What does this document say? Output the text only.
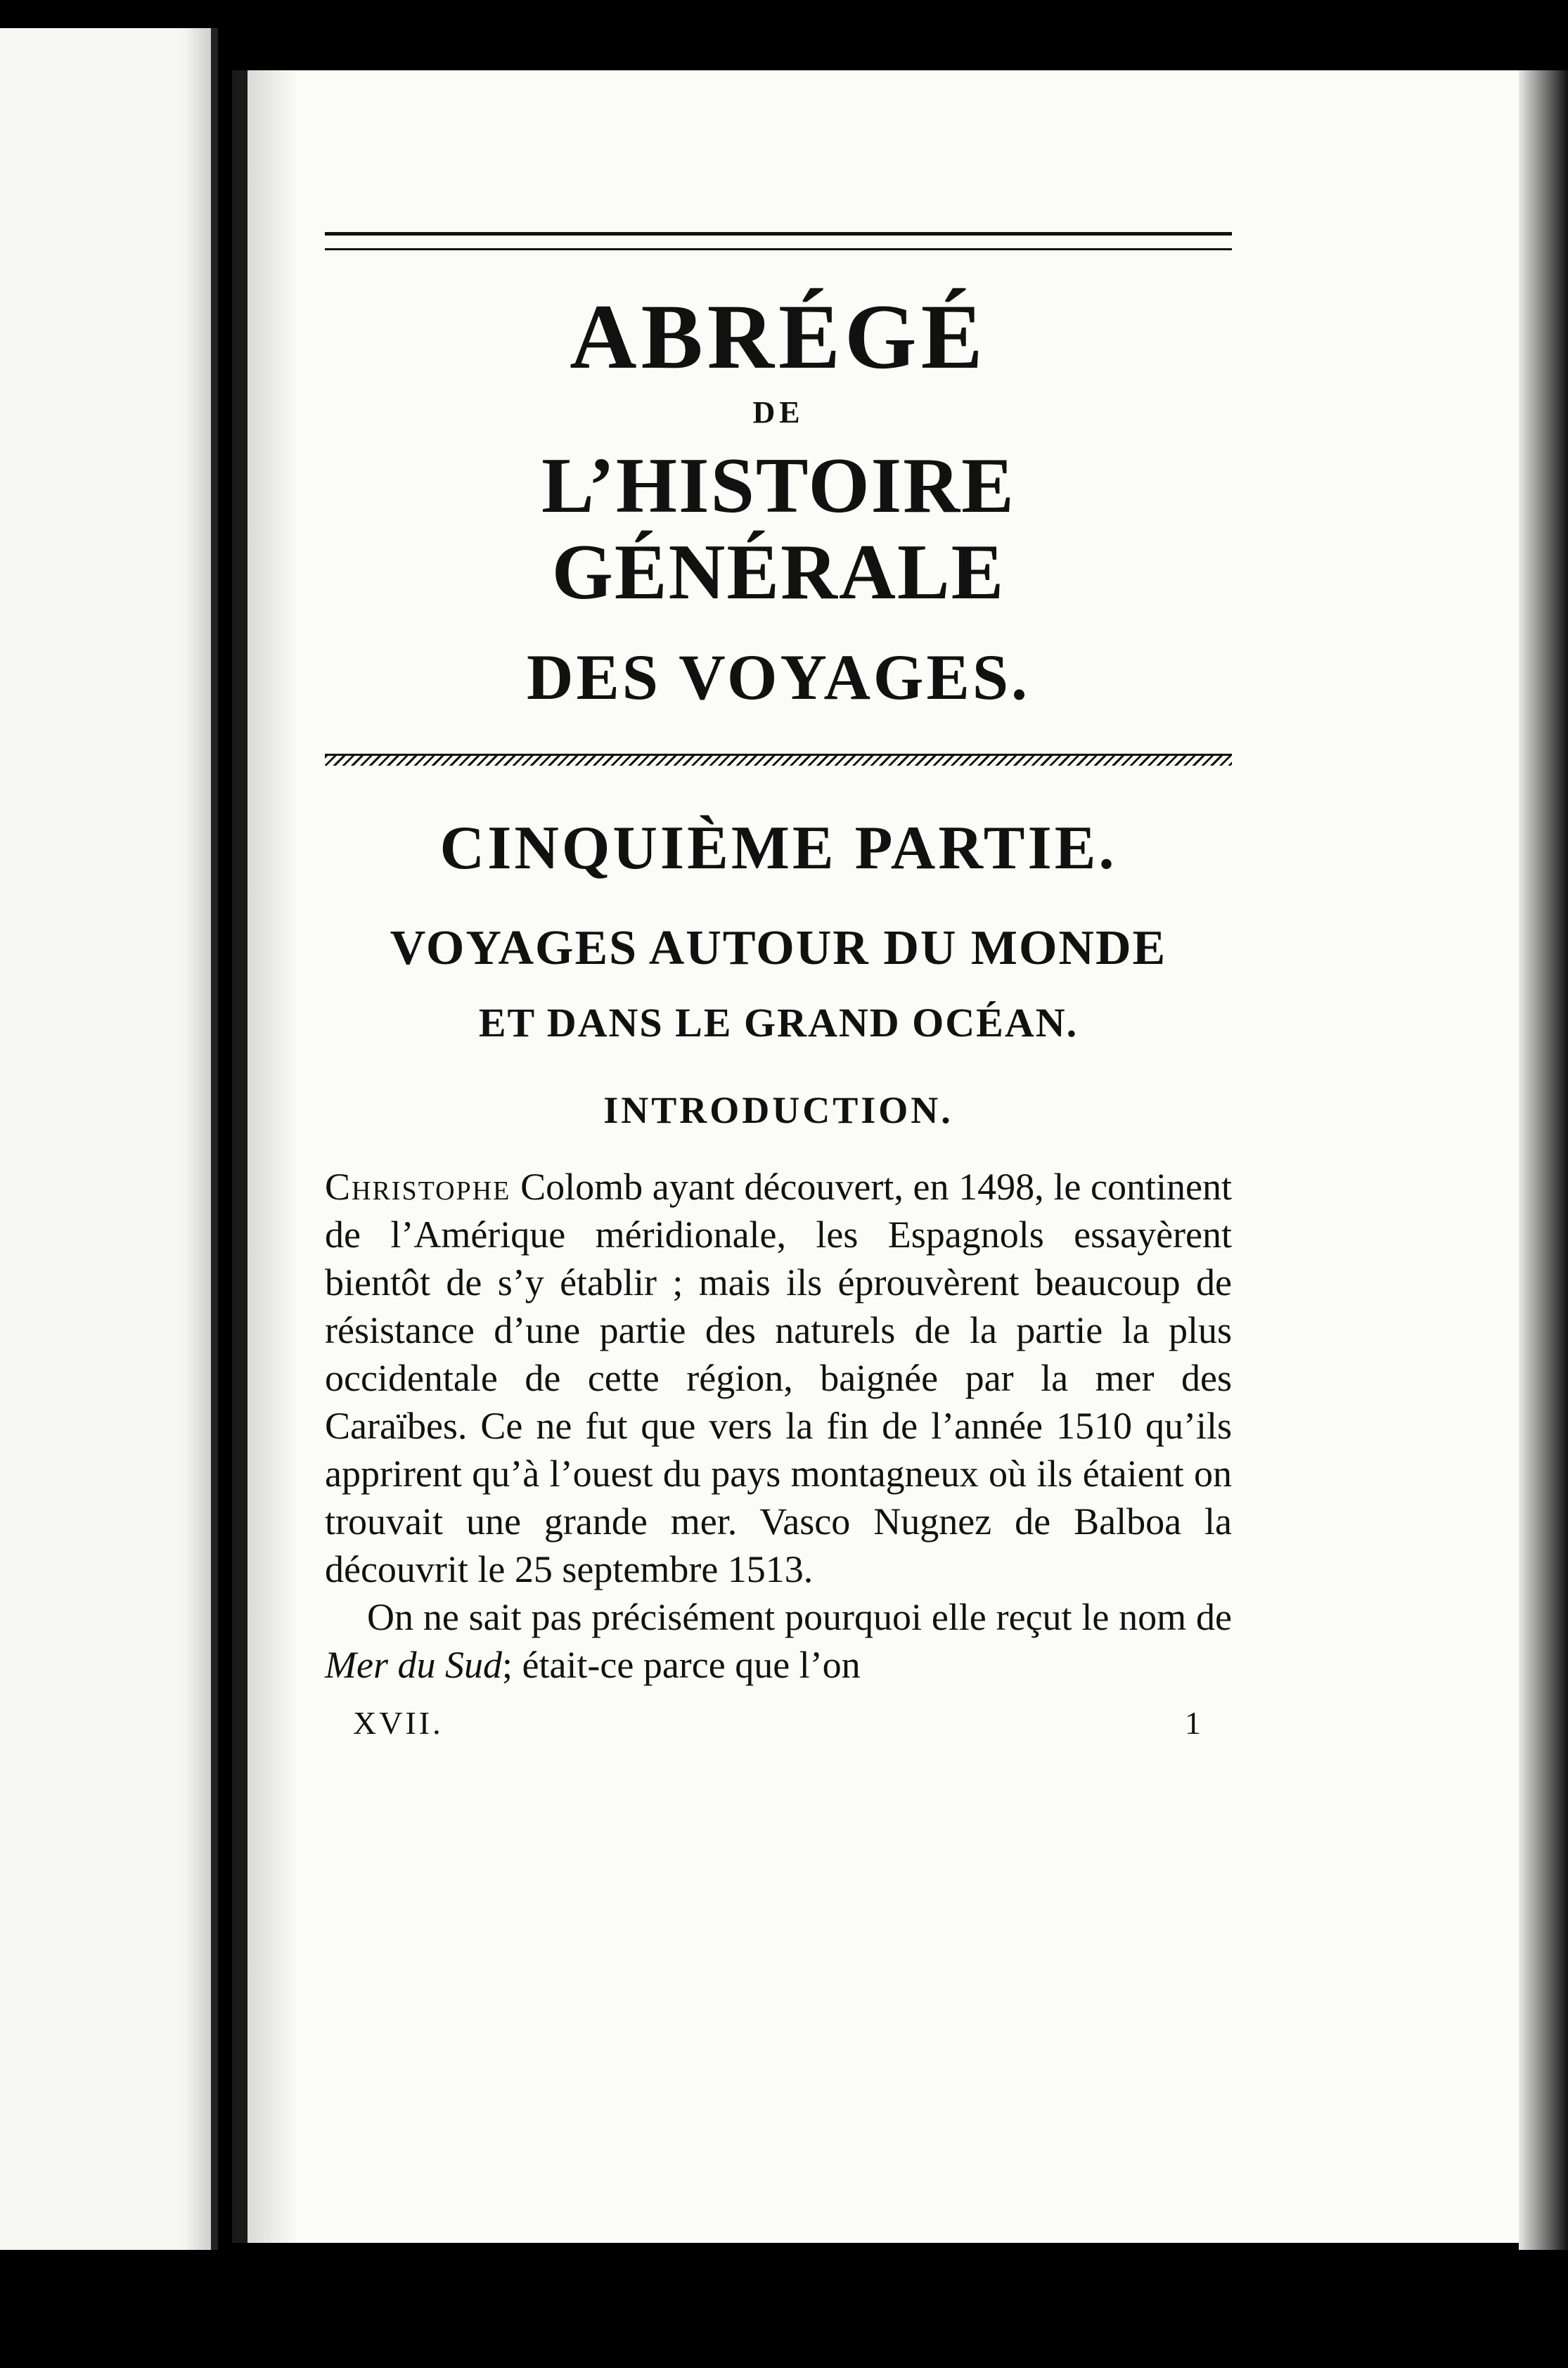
ABRÉGÉ
DE
L’HISTOIRE GÉNÉRALE
DES VOYAGES.
CINQUIÈME PARTIE.
VOYAGES AUTOUR DU MONDE
ET DANS LE GRAND OCÉAN.
INTRODUCTION.

Christophe Colomb ayant découvert, en 1498, le continent de l’Amérique méridionale, les Espagnols essayèrent bientôt de s’y établir ; mais ils éprouvèrent beaucoup de résistance d’une partie des naturels de la partie la plus occidentale de cette région, baignée par la mer des Caraïbes. Ce ne fut que vers la fin de l’année 1510 qu’ils apprirent qu’à l’ouest du pays montagneux où ils étaient on trouvait une grande mer. Vasco Nugnez de Balboa la découvrit le 25 septembre 1513.

On ne sait pas précisément pourquoi elle reçut le nom de Mer du Sud; était-ce parce que l’on

XVII.	1
